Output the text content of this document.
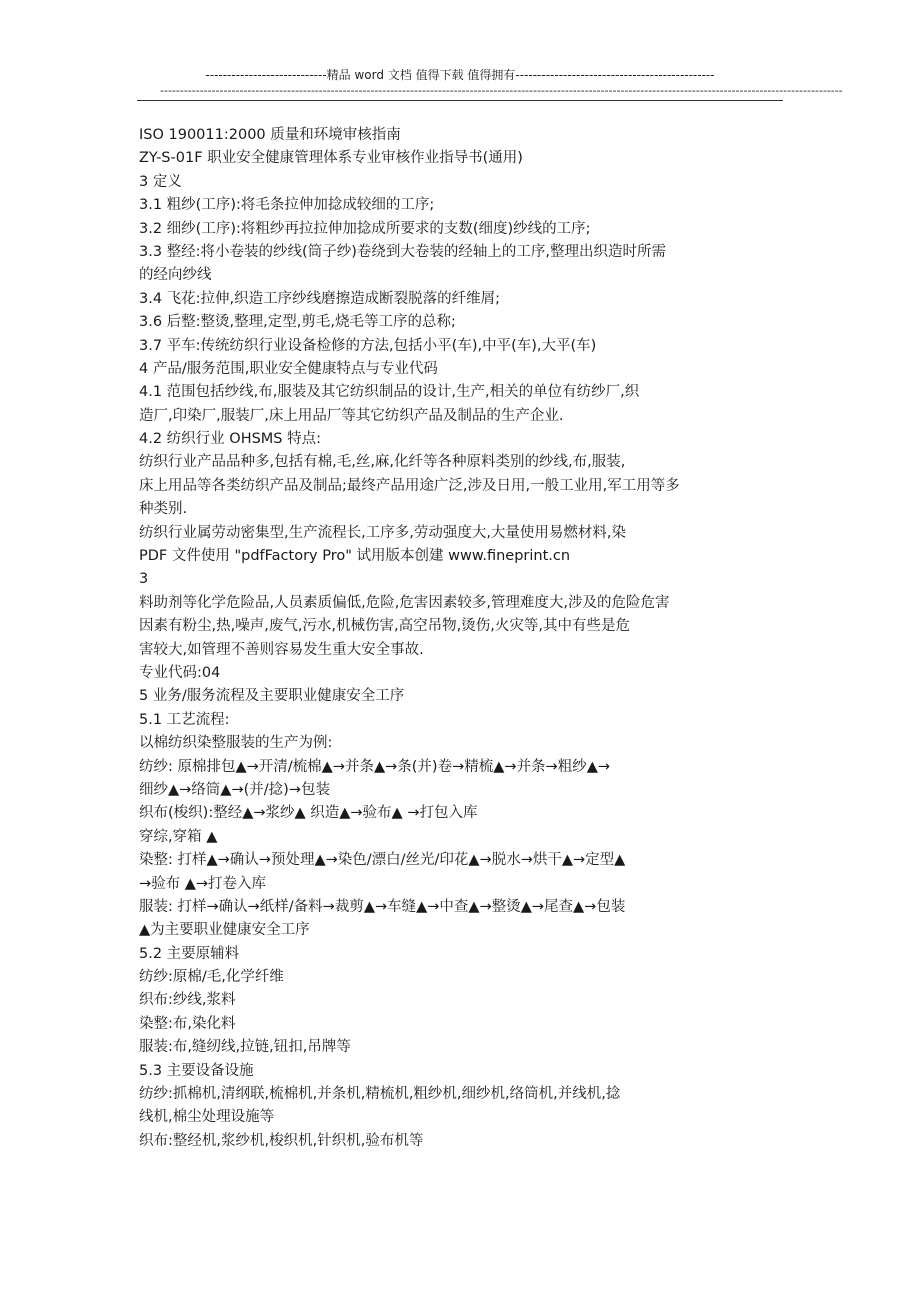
----------------------------精品 word 文档 值得下载 值得拥有----------------------------------------------
----------------------------------------------------------------------------------------------------------------------------------------------------------------------------
ISO 190011:2000 质量和环境审核指南
ZY-S-01F 职业安全健康管理体系专业审核作业指导书(通用)
3 定义
3.1 粗纱(工序):将毛条拉伸加捻成较细的工序;
3.2 细纱(工序):将粗纱再拉拉伸加捻成所要求的支数(细度)纱线的工序;
3.3 整经:将小卷装的纱线(筒子纱)卷绕到大卷装的经轴上的工序,整理出织造时所需
的经向纱线
3.4 飞花:拉伸,织造工序纱线磨擦造成断裂脱落的纤维屑;
3.6 后整:整烫,整理,定型,剪毛,烧毛等工序的总称;
3.7 平车:传统纺织行业设备检修的方法,包括小平(车),中平(车),大平(车)
4 产品/服务范围,职业安全健康特点与专业代码
4.1 范围包括纱线,布,服装及其它纺织制品的设计,生产,相关的单位有纺纱厂,织
造厂,印染厂,服装厂,床上用品厂等其它纺织产品及制品的生产企业.
4.2 纺织行业 OHSMS 特点:
纺织行业产品品种多,包括有棉,毛,丝,麻,化纤等各种原料类别的纱线,布,服装,
床上用品等各类纺织产品及制品;最终产品用途广泛,涉及日用,一般工业用,军工用等多
种类别.
纺织行业属劳动密集型,生产流程长,工序多,劳动强度大,大量使用易燃材料,染
PDF 文件使用 "pdfFactory Pro" 试用版本创建 www.fineprint.cn
3
料助剂等化学危险品,人员素质偏低,危险,危害因素较多,管理难度大,涉及的危险危害
因素有粉尘,热,噪声,废气,污水,机械伤害,高空吊物,烫伤,火灾等,其中有些是危
害较大,如管理不善则容易发生重大安全事故.
专业代码:04
5 业务/服务流程及主要职业健康安全工序
5.1 工艺流程:
以棉纺织染整服装的生产为例:
纺纱: 原棉排包▲→开清/梳棉▲→并条▲→条(并)卷→精梳▲→并条→粗纱▲→
细纱▲→络筒▲→(并/捻)→包装
织布(梭织):整经▲→浆纱▲ 织造▲→验布▲ →打包入库
穿综,穿箱 ▲
染整: 打样▲→确认→预处理▲→染色/漂白/丝光/印花▲→脱水→烘干▲→定型▲
→验布 ▲→打卷入库
服装: 打样→确认→纸样/备料→裁剪▲→车缝▲→中查▲→整烫▲→尾查▲→包装
▲为主要职业健康安全工序
5.2 主要原辅料
纺纱:原棉/毛,化学纤维
织布:纱线,浆料
染整:布,染化料
服装:布,缝纫线,拉链,钮扣,吊牌等
5.3 主要设备设施
纺纱:抓棉机,清纲联,梳棉机,并条机,精梳机,粗纱机,细纱机,络筒机,并线机,捻
线机,棉尘处理设施等
织布:整经机,浆纱机,梭织机,针织机,验布机等
